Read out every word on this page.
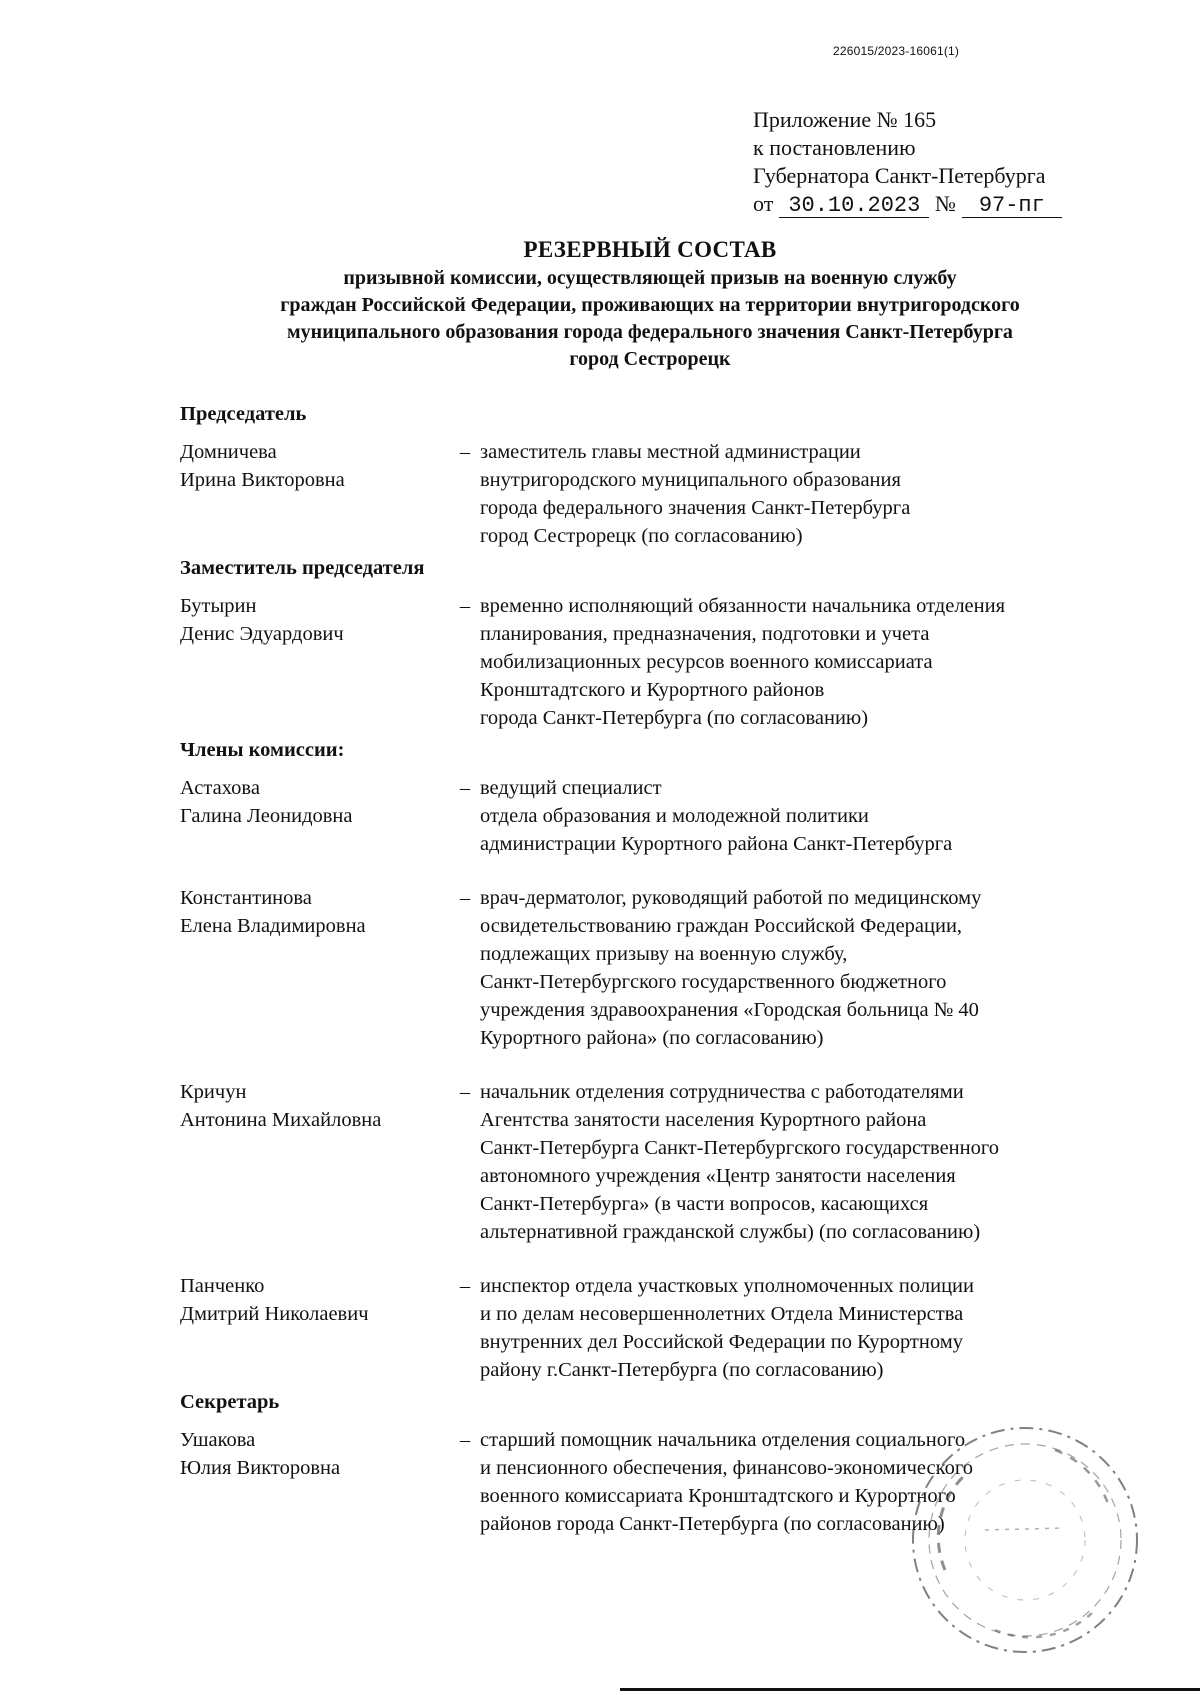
226015/2023-16061(1)
Приложение № 165
к постановлению
Губернатора Санкт-Петербурга
от 30.10.2023 № 97-пг
РЕЗЕРВНЫЙ СОСТАВ
призывной комиссии, осуществляющей призыв на военную службу
граждан Российской Федерации, проживающих на территории внутригородского
муниципального образования города федерального значения Санкт-Петербурга
город Сестрорецк
Председатель
Домничева
Ирина Викторовна
– заместитель главы местной администрации
внутригородского муниципального образования
города федерального значения Санкт-Петербурга
город Сестрорецк (по согласованию)
Заместитель председателя
Бутырин
Денис Эдуардович
– временно исполняющий обязанности начальника отделения
планирования, предназначения, подготовки и учета
мобилизационных ресурсов военного комиссариата
Кронштадтского и Курортного районов
города Санкт-Петербурга (по согласованию)
Члены комиссии:
Астахова
Галина Леонидовна
– ведущий специалист
отдела образования и молодежной политики
администрации Курортного района Санкт-Петербурга
Константинова
Елена Владимировна
– врач-дерматолог, руководящий работой по медицинскому
освидетельствованию граждан Российской Федерации,
подлежащих призыву на военную службу,
Санкт-Петербургского государственного бюджетного
учреждения здравоохранения «Городская больница № 40
Курортного района» (по согласованию)
Кричун
Антонина Михайловна
– начальник отделения сотрудничества с работодателями
Агентства занятости населения Курортного района
Санкт-Петербурга Санкт-Петербургского государственного
автономного учреждения «Центр занятости населения
Санкт-Петербурга» (в части вопросов, касающихся
альтернативной гражданской службы) (по согласованию)
Панченко
Дмитрий Николаевич
– инспектор отдела участковых уполномоченных полиции
и по делам несовершеннолетних Отдела Министерства
внутренних дел Российской Федерации по Курортному
району г.Санкт-Петербурга (по согласованию)
Секретарь
Ушакова
Юлия Викторовна
– старший помощник начальника отделения социального
и пенсионного обеспечения, финансово-экономического
военного комиссариата Кронштадтского и Курортного
районов города Санкт-Петербурга (по согласованию)
